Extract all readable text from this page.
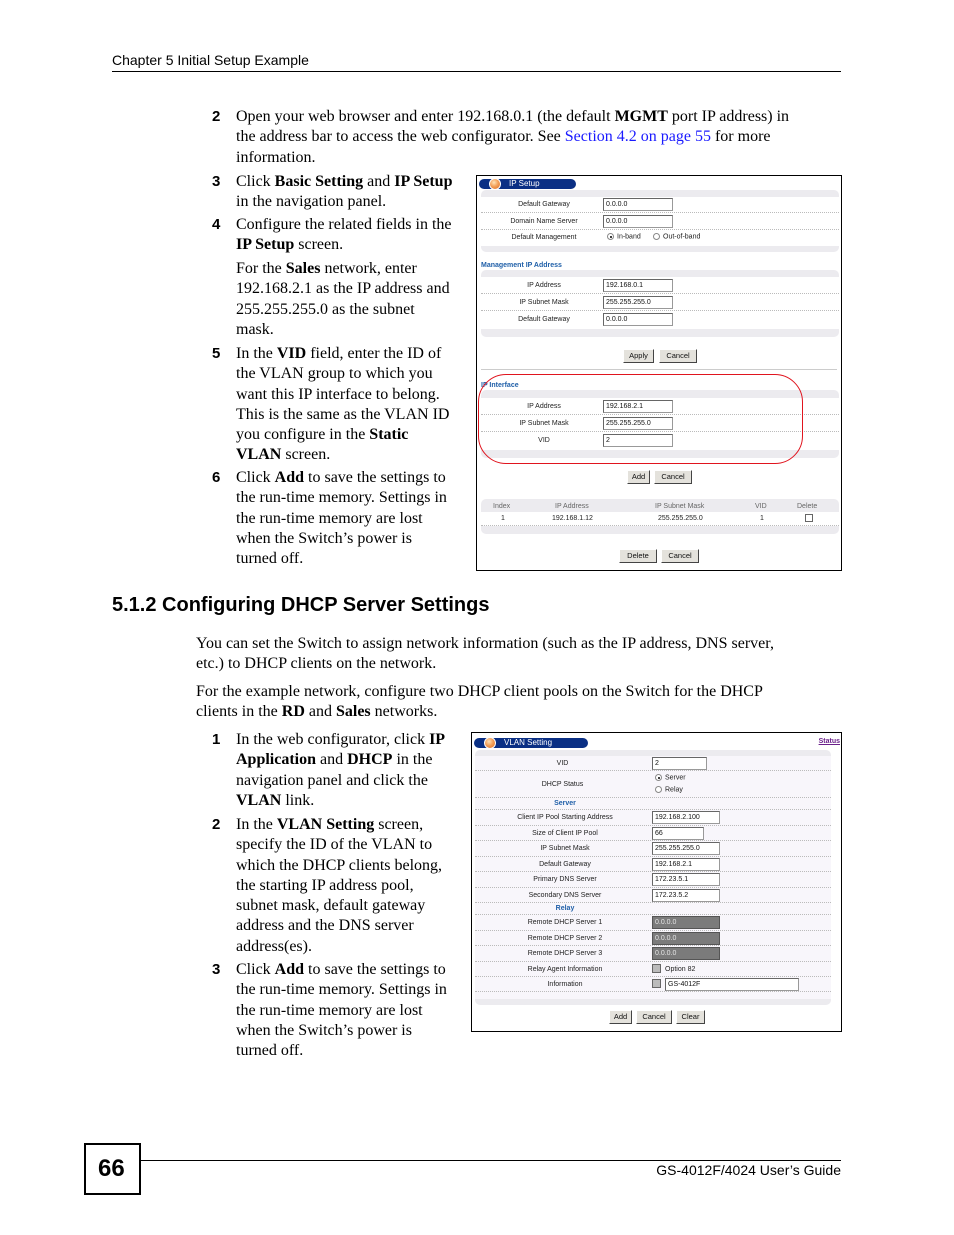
Chapter 5 Initial Setup Example
2 Open your web browser and enter 192.168.0.1 (the default MGMT port IP address) in
the address bar to access the web configurator. See Section 4.2 on page 55 for more
information.
3 Click Basic Setting and IP Setup
in the navigation panel.
4 Configure the related fields in the
IP Setup screen.
For the Sales network, enter
192.168.2.1 as the IP address and
255.255.255.0 as the subnet
mask.
5 In the VID field, enter the ID of
the VLAN group to which you
want this IP interface to belong.
This is the same as the VLAN ID
you configure in the Static
VLAN screen.
6 Click Add to save the settings to
the run-time memory. Settings in
the run-time memory are lost
when the Switch’s power is
turned off.
IP Setup
Default Gateway	0.0.0.0
Domain Name Server	0.0.0.0
Default Management	In-band	Out-of-band
Management IP Address
IP Address	192.168.0.1
IP Subnet Mask	255.255.255.0
Default Gateway	0.0.0.0
Apply	Cancel
IP Interface
IP Address	192.168.2.1
IP Subnet Mask	255.255.255.0
VID	2
Add	Cancel
Index	IP Address	IP Subnet Mask	VID	Delete
1	192.168.1.12	255.255.255.0	1
Delete	Cancel
5.1.2 Configuring DHCP Server Settings
You can set the Switch to assign network information (such as the IP address, DNS server,
etc.) to DHCP clients on the network.
For the example network, configure two DHCP client pools on the Switch for the DHCP
clients in the RD and Sales networks.
1 In the web configurator, click IP
Application and DHCP in the
navigation panel and click the
VLAN link.
2 In the VLAN Setting screen,
specify the ID of the VLAN to
which the DHCP clients belong,
the starting IP address pool,
subnet mask, default gateway
address and the DNS server
address(es).
3 Click Add to save the settings to
the run-time memory. Settings in
the run-time memory are lost
when the Switch’s power is
turned off.
VLAN Setting	Status
VID	2
DHCP Status
Server
Relay
Server
Client IP Pool Starting Address	192.168.2.100
Size of Client IP Pool	66
IP Subnet Mask	255.255.255.0
Default Gateway	192.168.2.1
Primary DNS Server	172.23.5.1
Secondary DNS Server	172.23.5.2
Relay
Remote DHCP Server 1	0.0.0.0
Remote DHCP Server 2	0.0.0.0
Remote DHCP Server 3	0.0.0.0
Relay Agent Information	Option 82
Information	GS-4012F
Add	Cancel	Clear
66	GS-4012F/4024 User’s Guide
